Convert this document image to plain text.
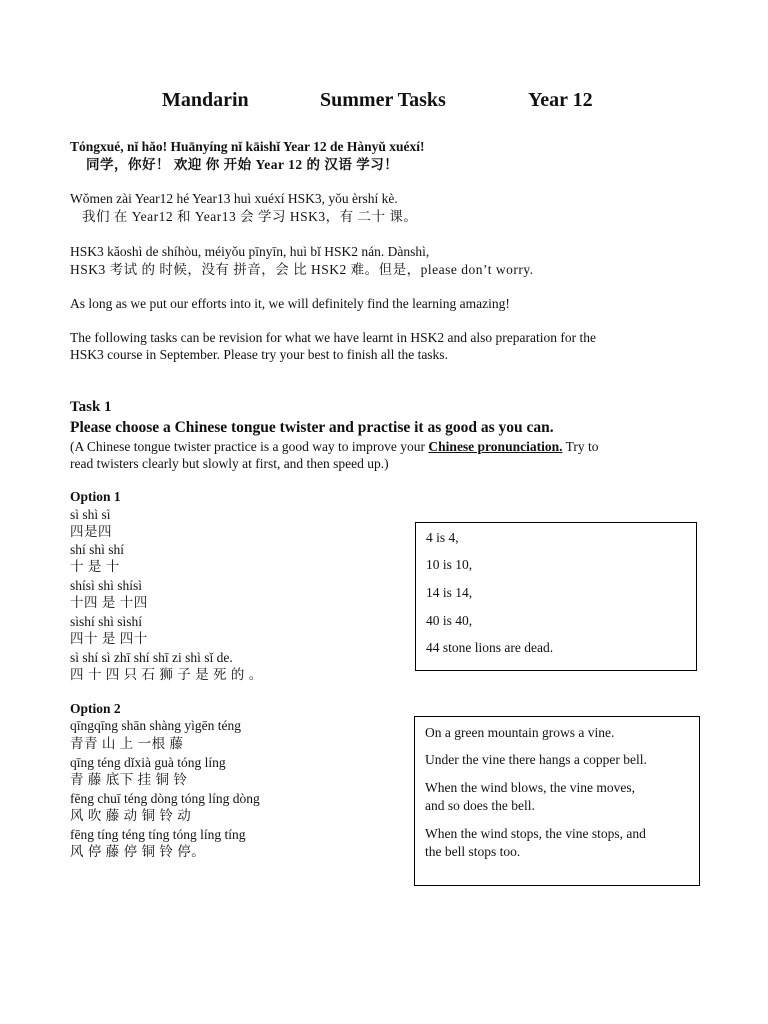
Mandarin	Summer Tasks	Year 12
Tóngxué, nǐ hǎo! Huānyíng nǐ kāishǐ Year 12 de Hànyǔ xuéxí!
同学，你好！ 欢迎 你 开始 Year 12 的 汉语 学习！
Wǒmen zài Year12 hé Year13 huì xuéxí HSK3, yǒu èrshí kè.
我们 在 Year12 和 Year13 会 学习 HSK3，有 二十 课。
HSK3 kǎoshì de shíhòu, méiyǒu pīnyīn, huì bǐ HSK2 nán. Dànshì,
HSK3 考试 的 时候，没有 拼音，会 比 HSK2 难。但是，please don’t worry.
As long as we put our efforts into it, we will definitely find the learning amazing!
The following tasks can be revision for what we have learnt in HSK2 and also preparation for the
HSK3 course in September. Please try your best to finish all the tasks.
Task 1
Please choose a Chinese tongue twister and practise it as good as you can.
(A Chinese tongue twister practice is a good way to improve your Chinese pronunciation. Try to
read twisters clearly but slowly at first, and then speed up.)
Option 1
sì shì sì
四是四
shí shì shí
十 是 十
shísì shì shísì
十四 是 十四
sìshí shì sìshí
四十 是 四十
sì shí sì zhī shí shī zi shì sǐ de.
四 十 四 只 石 狮 子 是 死 的 。

4 is 4,

10 is 10,

14 is 14,

40 is 40,

44 stone lions are dead.

Option 2
qīngqīng shān shàng yìgēn téng
青青 山 上 一根 藤
qīng téng dǐxià guà tóng líng
青 藤 底下 挂 铜 铃
fēng chuī téng dòng tóng líng dòng
风 吹 藤 动 铜 铃 动
fēng tíng téng tíng tóng líng tíng
风 停 藤 停 铜 铃 停。

On a green mountain grows a vine.

Under the vine there hangs a copper bell.

When the wind blows, the vine moves,

and so does the bell.

When the wind stops, the vine stops, and

the bell stops too.
